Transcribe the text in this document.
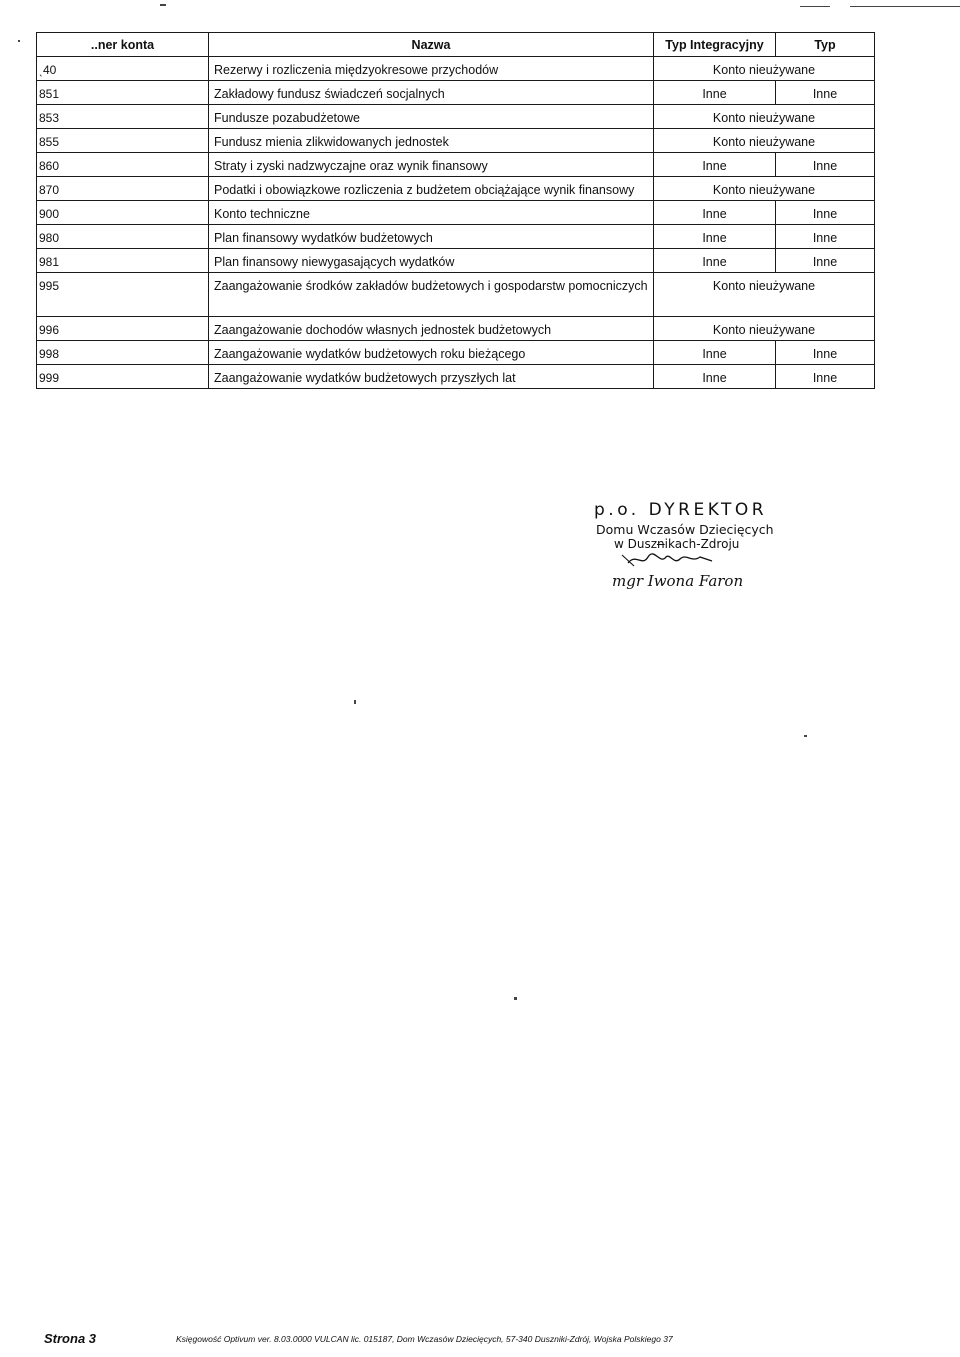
..ner konta	Nazwa	Typ Integracyjny	Typ
ˎ40	Rezerwy i rozliczenia międzyokresowe przychodów	Konto nieużywane	
851	Zakładowy fundusz świadczeń socjalnych	Inne	Inne
853	Fundusze pozabudżetowe	Konto nieużywane	
855	Fundusz mienia zlikwidowanych jednostek	Konto nieużywane	
860	Straty i zyski nadzwyczajne oraz wynik finansowy	Inne	Inne
870	Podatki i obowiązkowe rozliczenia z budżetem obciążające wynik finansowy	Konto nieużywane	
900	Konto techniczne	Inne	Inne
980	Plan finansowy wydatków budżetowych	Inne	Inne
981	Plan finansowy niewygasających wydatków	Inne	Inne
995	Zaangażowanie środków zakładów budżetowych i gospodarstw pomocniczych	Konto nieużywane	
996	Zaangażowanie dochodów własnych jednostek budżetowych	Konto nieużywane	
998	Zaangażowanie wydatków budżetowych roku bieżącego	Inne	Inne
999	Zaangażowanie wydatków budżetowych przyszłych lat	Inne	Inne
p.o. DYREKTOR
Domu Wczasów Dziecięcych
w Duszn̶ikach-Zdroju
mgr Iwona Faron
Strona 3	Księgowość Optivum ver. 8.03.0000 VULCAN lic. 015187, Dom Wczasów Dziecięcych, 57-340 Duszniki-Zdrój, Wojska Polskiego 37
